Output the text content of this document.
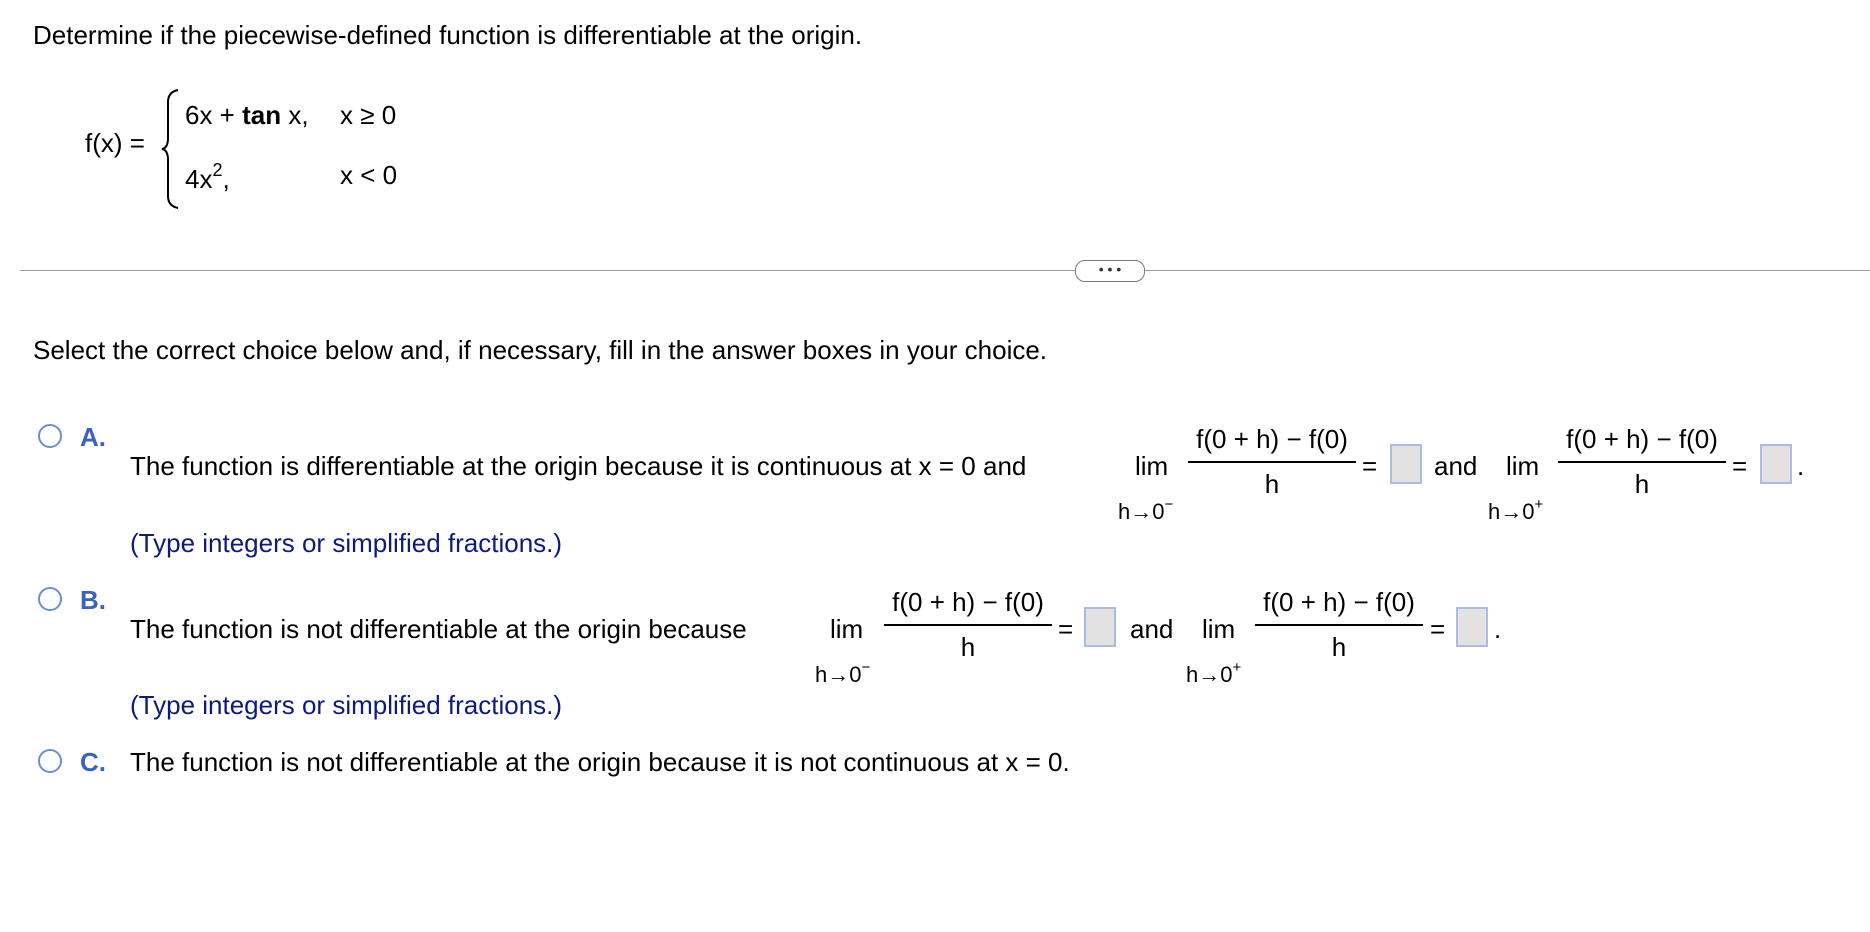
Determine if the piecewise-defined function is differentiable at the origin.
f(x) =
6x + tan x, x ≥ 0
$4x^2$,	x < 0
• • •
Select the correct choice below and, if necessary, fill in the answer boxes in your choice.
A.
The function is differentiable at the origin because it is continuous at x = 0 and	lim
h→0−
f(0 + h) − f(0)
h
= and lim
h→0+
f(0 + h) − f(0)
h
= .
(Type integers or simplified fractions.)
B.
The function is not differentiable at the origin because	lim
h→0−
f(0 + h) − f(0)
h
= and lim
h→0+
f(0 + h) − f(0)
h
= .
(Type integers or simplified fractions.)
C. The function is not differentiable at the origin because it is not continuous at x = 0.
